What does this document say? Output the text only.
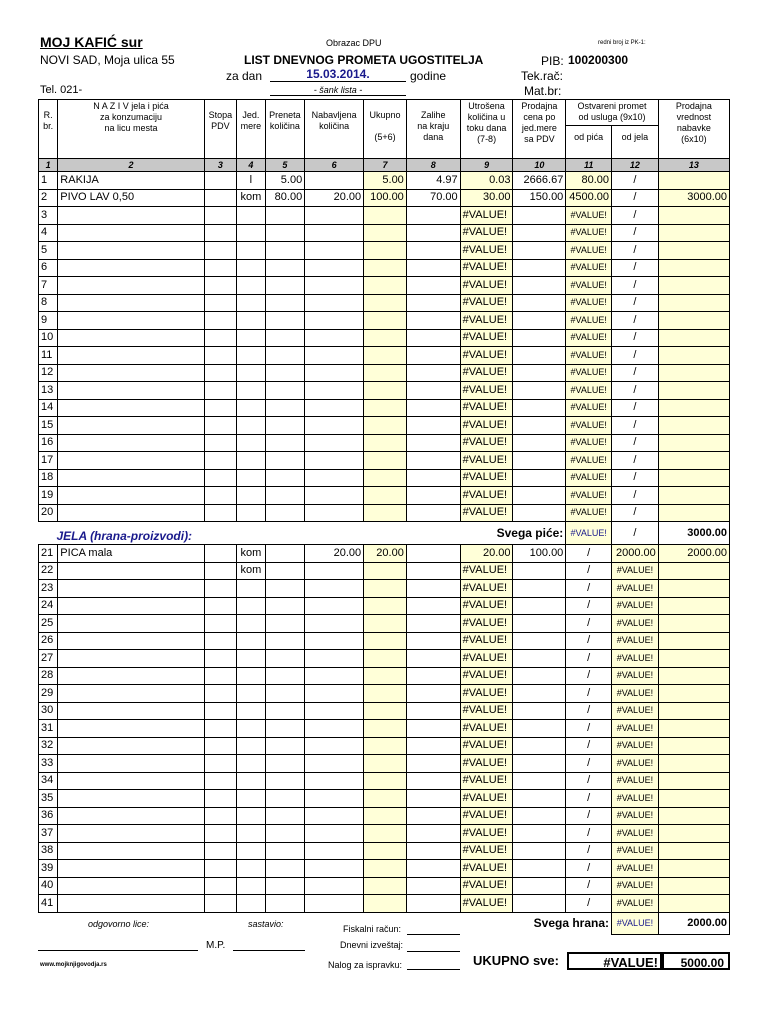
MOJ KAFIĆ sur
NOVI SAD, Moja ulica 55
Tel. 021-
Obrazac DPU	redni broj iz PK-1:
LIST DNEVNOG PROMETA UGOSTITELJA	PIB: 100200300
za dan	15.03.2014.	godine	Tek.rač:
- šank lista -	Mat.br:
R.
br.	N A Z I V jela i pića
za konzumaciju
na licu mesta	Stopa
PDV	Jed.
mere	Preneta
količina	Nabavljena
količina	Ukupno

(5+6)	Zalihe
na kraju
dana	Utrošena
količina u
toku dana
(7-8)	Prodajna
cena po
jed.mere
sa PDV	Ostvareni promet
od usluga (9x10)		Prodajna
vrednost
nabavke
(6x10)
										od pića	od jela	
1	2	3	4	5	6	7	8	9	10	11	12	13
1	RAKIJA		l	5.00		5.00	4.97	0.03	2666.67	80.00	/	
2	PIVO LAV 0,50		kom	80.00	20.00	100.00	70.00	30.00	150.00	4500.00	/	3000.00
3								#VALUE!		#VALUE!	/	
4								#VALUE!		#VALUE!	/	
5								#VALUE!		#VALUE!	/	
6								#VALUE!		#VALUE!	/	
7								#VALUE!		#VALUE!	/	
8								#VALUE!		#VALUE!	/	
9								#VALUE!		#VALUE!	/	
10								#VALUE!		#VALUE!	/	
11								#VALUE!		#VALUE!	/	
12								#VALUE!		#VALUE!	/	
13								#VALUE!		#VALUE!	/	
14								#VALUE!		#VALUE!	/	
15								#VALUE!		#VALUE!	/	
16								#VALUE!		#VALUE!	/	
17								#VALUE!		#VALUE!	/	
18								#VALUE!		#VALUE!	/	
19								#VALUE!		#VALUE!	/	
20								#VALUE!		#VALUE!	/	
JELA (hrana-proizvodi):						Svega piće:				#VALUE!	/	3000.00
21	PICA mala		kom		20.00	20.00		20.00	100.00	/	2000.00	2000.00
22			kom					#VALUE!		/	#VALUE!	
23								#VALUE!		/	#VALUE!	
24								#VALUE!		/	#VALUE!	
25								#VALUE!		/	#VALUE!	
26								#VALUE!		/	#VALUE!	
27								#VALUE!		/	#VALUE!	
28								#VALUE!		/	#VALUE!	
29								#VALUE!		/	#VALUE!	
30								#VALUE!		/	#VALUE!	
31								#VALUE!		/	#VALUE!	
32								#VALUE!		/	#VALUE!	
33								#VALUE!		/	#VALUE!	
34								#VALUE!		/	#VALUE!	
35								#VALUE!		/	#VALUE!	
36								#VALUE!		/	#VALUE!	
37								#VALUE!		/	#VALUE!	
38								#VALUE!		/	#VALUE!	
39								#VALUE!		/	#VALUE!	
40								#VALUE!		/	#VALUE!	
41								#VALUE!		/	#VALUE!	
						Svega hrana:					#VALUE!	2000.00
odgovorno lice:	sastavio:	Fiskalni račun:
M.P.	Dnevni izveštaj:
Nalog za ispravku:
www.mojknjigovodja.rs	UKUPNO sve:	#VALUE!	5000.00
